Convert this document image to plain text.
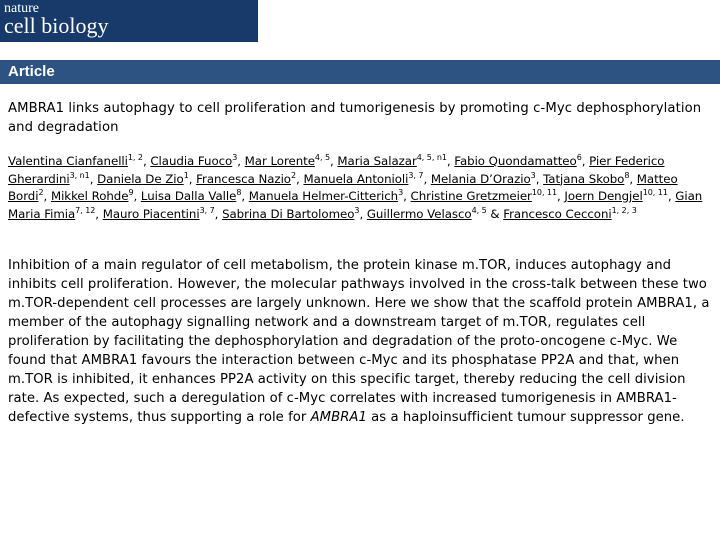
nature
cell biology
Article
AMBRA1 links autophagy to cell proliferation and tumorigenesis by promoting c-Myc dephosphorylation and degradation
Valentina Cianfanelli$^{1, 2}$, Claudia Fuoco$^3$, Mar Lorente$^{4, 5}$, Maria Salazar$^{4, 5, n1}$, Fabio Quondamatteo$^6$, Pier Federico Gherardini$^{3, n1}$, Daniela De Zio$^1$, Francesca Nazio$^2$, Manuela Antonioli$^{3, 7}$, Melania D’Orazio$^3$, Tatjana Skobo$^8$, Matteo Bordi$^2$, Mikkel Rohde$^9$, Luisa Dalla Valle$^8$, Manuela Helmer-Citterich$^3$, Christine Gretzmeier$^{10, 11}$, Joern Dengjel$^{10, 11}$, Gian Maria Fimia$^{7, 12}$, Mauro Piacentini$^{3, 7}$, Sabrina Di Bartolomeo$^3$, Guillermo Velasco$^{4, 5}$ & Francesco Cecconi$^{1, 2, 3}$

Inhibition of a main regulator of cell metabolism, the protein kinase m.TOR, induces autophagy and inhibits cell proliferation. However, the molecular pathways involved in the cross-talk between these two m.TOR-dependent cell processes are largely unknown. Here we show that the scaffold protein AMBRA1, a member of the autophagy signalling network and a downstream target of m.TOR, regulates cell proliferation by facilitating the dephosphorylation and degradation of the proto-oncogene c-Myc. We found that AMBRA1 favours the interaction between c-Myc and its phosphatase PP2A and that, when m.TOR is inhibited, it enhances PP2A activity on this specific target, thereby reducing the cell division rate. As expected, such a deregulation of c-Myc correlates with increased tumorigenesis in AMBRA1-defective systems, thus supporting a role for AMBRA1 as a haploinsufficient tumour suppressor gene.
